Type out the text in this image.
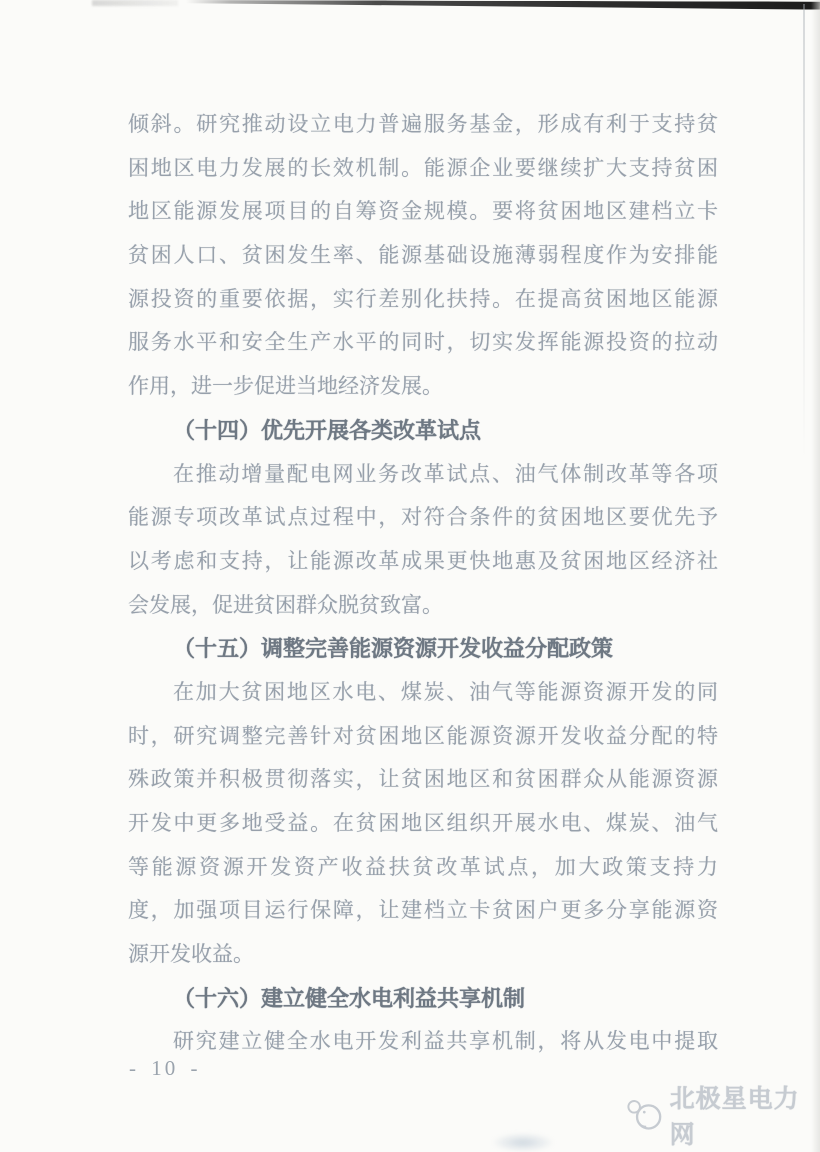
倾斜。研究推动设立电力普遍服务基金，形成有利于支持贫
困地区电力发展的长效机制。能源企业要继续扩大支持贫困
地区能源发展项目的自筹资金规模。要将贫困地区建档立卡
贫困人口、贫困发生率、能源基础设施薄弱程度作为安排能
源投资的重要依据，实行差别化扶持。在提高贫困地区能源
服务水平和安全生产水平的同时，切实发挥能源投资的拉动
作用，进一步促进当地经济发展。
（十四）优先开展各类改革试点
在推动增量配电网业务改革试点、油气体制改革等各项
能源专项改革试点过程中，对符合条件的贫困地区要优先予
以考虑和支持，让能源改革成果更快地惠及贫困地区经济社
会发展，促进贫困群众脱贫致富。
（十五）调整完善能源资源开发收益分配政策
在加大贫困地区水电、煤炭、油气等能源资源开发的同
时，研究调整完善针对贫困地区能源资源开发收益分配的特
殊政策并积极贯彻落实，让贫困地区和贫困群众从能源资源
开发中更多地受益。在贫困地区组织开展水电、煤炭、油气
等能源资源开发资产收益扶贫改革试点，加大政策支持力
度，加强项目运行保障，让建档立卡贫困户更多分享能源资
源开发收益。
（十六）建立健全水电利益共享机制
研究建立健全水电开发利益共享机制，将从发电中提取
- 10 -
北极星电力网
